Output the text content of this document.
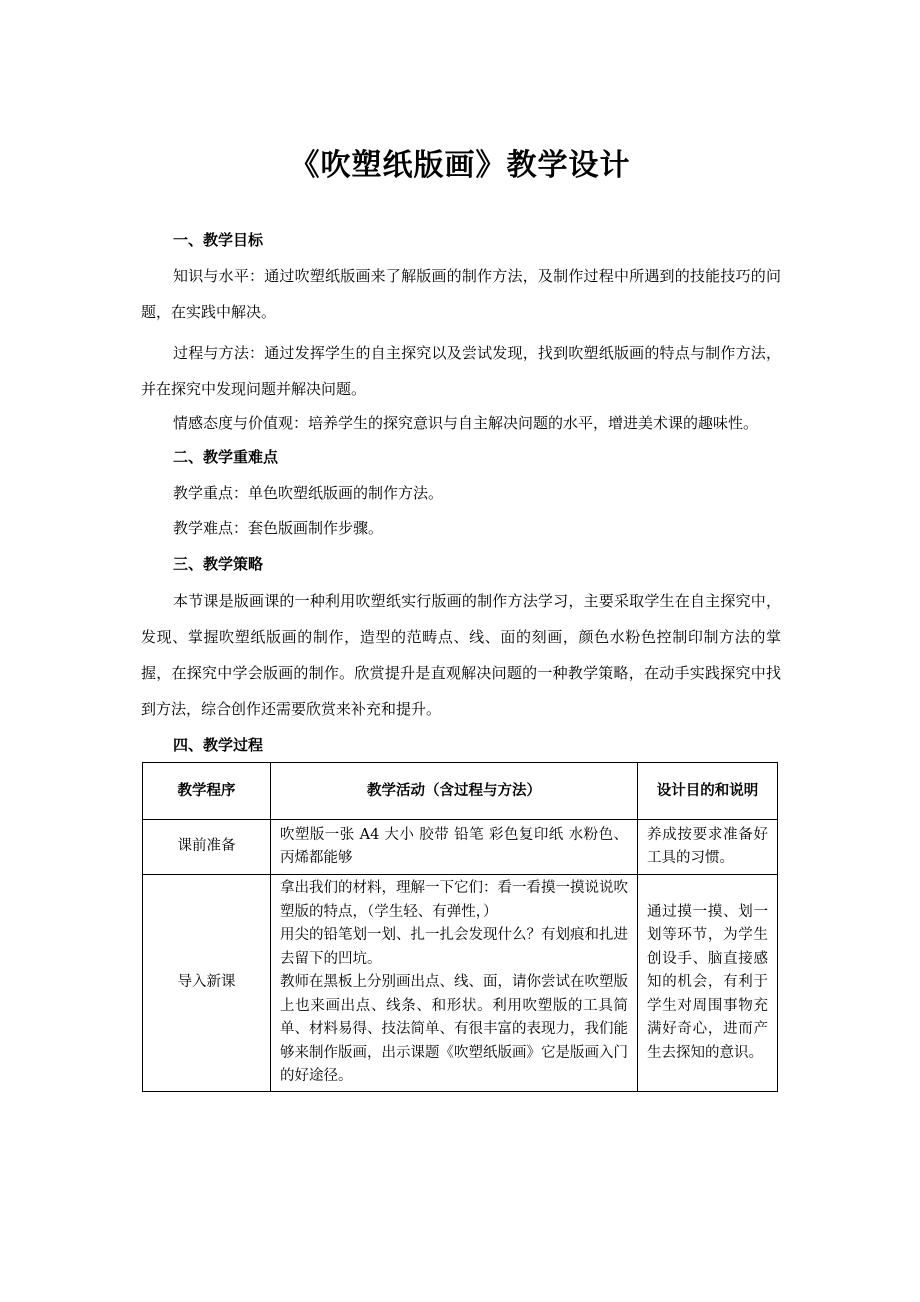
《吹塑纸版画》教学设计
一、教学目标
知识与水平：通过吹塑纸版画来了解版画的制作方法，及制作过程中所遇到的技能技巧的问题，在实践中解决。
过程与方法：通过发挥学生的自主探究以及尝试发现，找到吹塑纸版画的特点与制作方法，并在探究中发现问题并解决问题。
情感态度与价值观：培养学生的探究意识与自主解决问题的水平，增进美术课的趣味性。
二、教学重难点
教学重点：单色吹塑纸版画的制作方法。
教学难点：套色版画制作步骤。
三、教学策略
本节课是版画课的一种利用吹塑纸实行版画的制作方法学习，主要采取学生在自主探究中，发现、掌握吹塑纸版画的制作，造型的范畴点、线、面的刻画，颜色水粉色控制印制方法的掌握，在探究中学会版画的制作。欣赏提升是直观解决问题的一种教学策略，在动手实践探究中找到方法，综合创作还需要欣赏来补充和提升。
四、教学过程
教学程序	教学活动（含过程与方法）	设计目的和说明
课前准备	吹塑版一张 A4 大小 胶带 铅笔 彩色复印纸 水粉色、丙烯都能够	养成按要求准备好工具的习惯。
导入新课	拿出我们的材料，理解一下它们：看一看摸一摸说说吹塑版的特点，（学生轻、有弹性，）

用尖的铅笔划一划、扎一扎会发现什么？有划痕和扎进去留下的凹坑。

教师在黑板上分别画出点、线、面，请你尝试在吹塑版上也来画出点、线条、和形状。利用吹塑版的工具简单、材料易得、技法简单、有很丰富的表现力，我们能够来制作版画，出示课题《吹塑纸版画》它是版画入门的好途径。	通过摸一摸、划一划等环节，为学生创设手、脑直接感知的机会，有利于学生对周围事物充满好奇心，进而产生去探知的意识。
